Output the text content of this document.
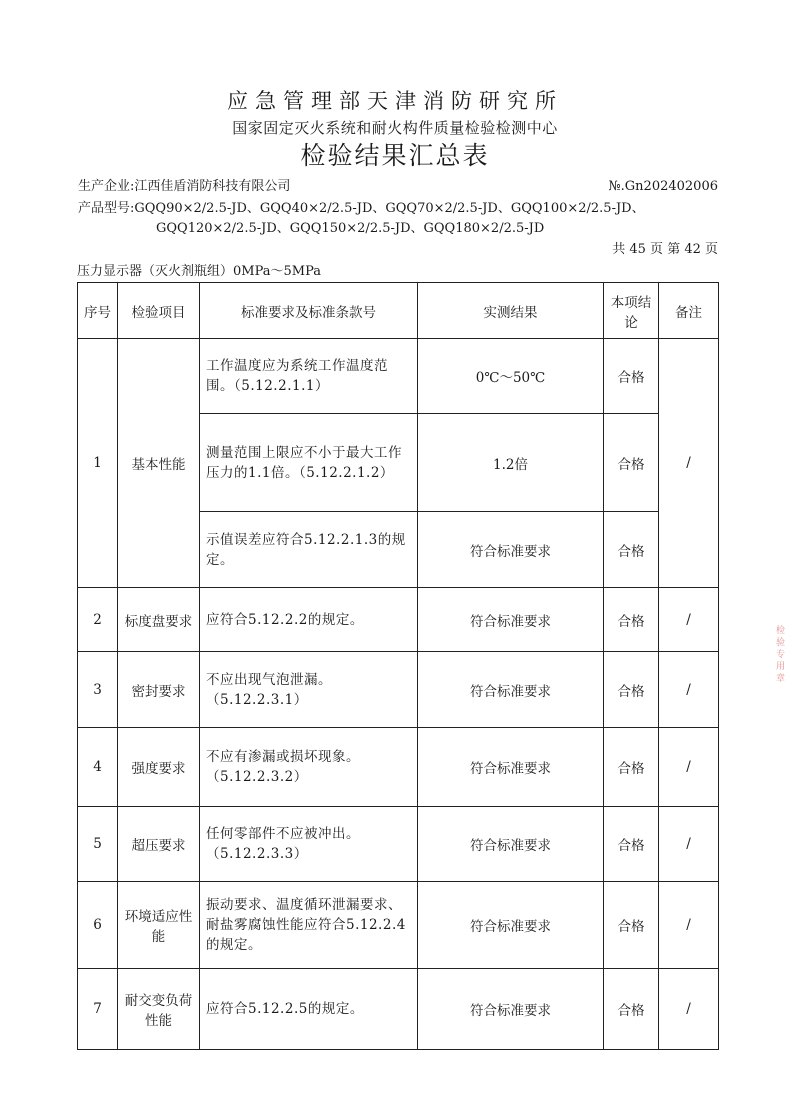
应急管理部天津消防研究所
国家固定灭火系统和耐火构件质量检验检测中心
检验结果汇总表
生产企业:江西佳盾消防科技有限公司	№.Gn202402006
产品型号:GQQ90×2/2.5-JD、GQQ40×2/2.5-JD、GQQ70×2/2.5-JD、GQQ100×2/2.5-JD、
GQQ120×2/2.5-JD、GQQ150×2/2.5-JD、GQQ180×2/2.5-JD
共 45 页 第 42 页
压力显示器（灭火剂瓶组）0MPa～5MPa
序号	检验项目	标准要求及标准条款号	实测结果	本项结论	备注
1	基本性能	工作温度应为系统工作温度范围。（5.12.2.1.1）	0℃～50℃	合格	/
		测量范围上限应不小于最大工作压力的1.1倍。（5.12.2.1.2）	1.2倍	合格	
		示值误差应符合5.12.2.1.3的规定。	符合标准要求	合格	
2	标度盘要求	应符合5.12.2.2的规定。	符合标准要求	合格	/
3	密封要求	不应出现气泡泄漏。（5.12.2.3.1）	符合标准要求	合格	/
4	强度要求	不应有渗漏或损坏现象。（5.12.2.3.2）	符合标准要求	合格	/
5	超压要求	任何零部件不应被冲出。（5.12.2.3.3）	符合标准要求	合格	/
6	环境适应性能	振动要求、温度循环泄漏要求、耐盐雾腐蚀性能应符合5.12.2.4的规定。	符合标准要求	合格	/
7	耐交变负荷性能	应符合5.12.2.5的规定。	符合标准要求	合格	/
检验专用章
